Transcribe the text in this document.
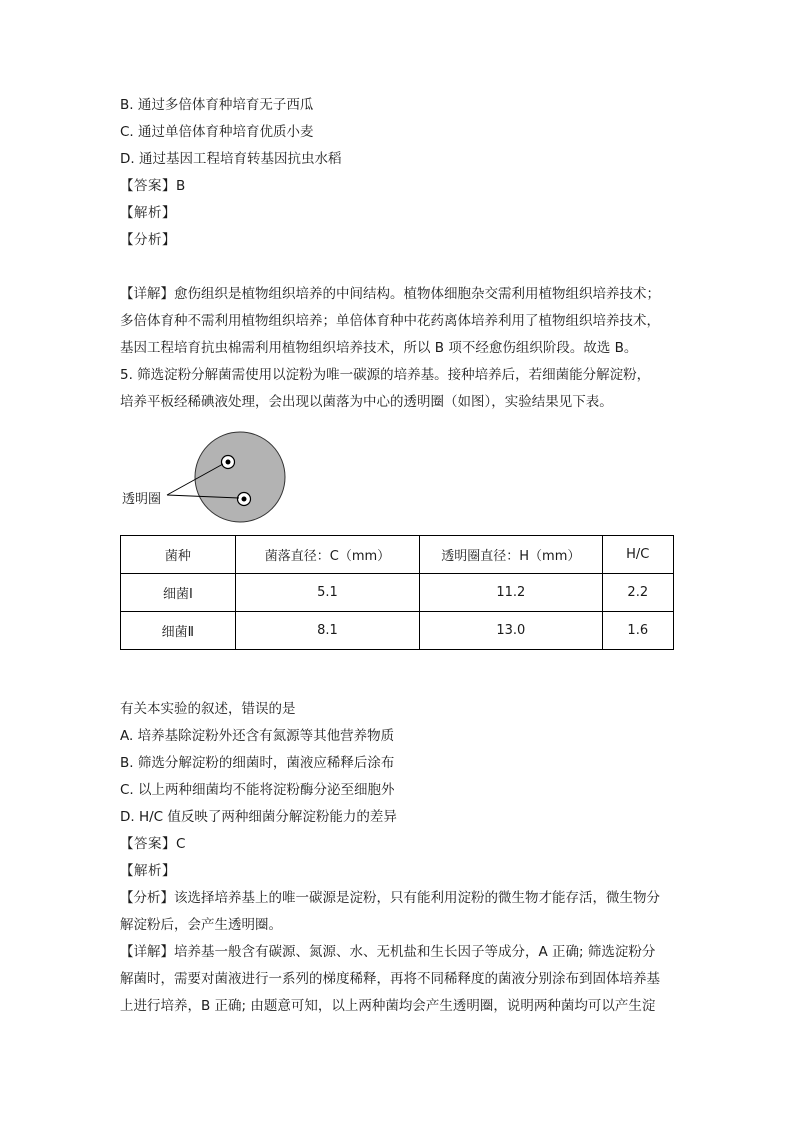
B. 通过多倍体育种培育无子西瓜
C. 通过单倍体育种培育优质小麦
D. 通过基因工程培育转基因抗虫水稻
【答案】B
【解析】
【分析】
【详解】愈伤组织是植物组织培养的中间结构。植物体细胞杂交需利用植物组织培养技术；
多倍体育种不需利用植物组织培养；单倍体育种中花药离体培养利用了植物组织培养技术，
基因工程培育抗虫棉需利用植物组织培养技术，所以 B 项不经愈伤组织阶段。故选 B。
5. 筛选淀粉分解菌需使用以淀粉为唯一碳源的培养基。接种培养后，若细菌能分解淀粉，
培养平板经稀碘液处理，会出现以菌落为中心的透明圈（如图），实验结果见下表。
透明圈
菌种	菌落直径：C（mm）	透明圈直径：H（mm）	H/C
细菌Ⅰ	5.1	11.2	2.2
细菌Ⅱ	8.1	13.0	1.6
有关本实验的叙述，错误的是
A. 培养基除淀粉外还含有氮源等其他营养物质
B. 筛选分解淀粉的细菌时，菌液应稀释后涂布
C. 以上两种细菌均不能将淀粉酶分泌至细胞外
D. H/C 值反映了两种细菌分解淀粉能力的差异
【答案】C
【解析】
【分析】该选择培养基上的唯一碳源是淀粉，只有能利用淀粉的微生物才能存活，微生物分
解淀粉后，会产生透明圈。
【详解】培养基一般含有碳源、氮源、水、无机盐和生长因子等成分，A 正确; 筛选淀粉分
解菌时，需要对菌液进行一系列的梯度稀释，再将不同稀释度的菌液分别涂布到固体培养基
上进行培养，B 正确; 由题意可知，以上两种菌均会产生透明圈，说明两种菌均可以产生淀
